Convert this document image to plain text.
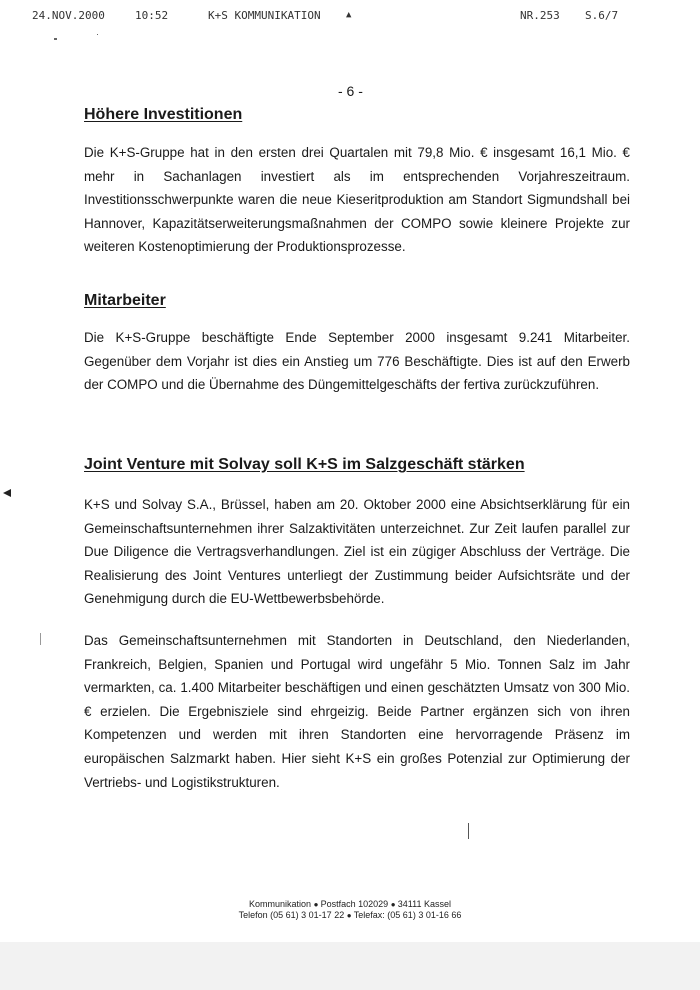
24.NOV.2000	10:52	K+S KOMMUNIKATION	▲	NR.253 S.6/7
- 6 -
Höhere Investitionen

Die K+S-Gruppe hat in den ersten drei Quartalen mit 79,8 Mio. € insgesamt 16,1 Mio. € mehr in Sachanlagen investiert als im entsprechenden Vorjahreszeitraum. Investitionsschwerpunkte waren die neue Kieseritproduktion am Standort Sigmundshall bei Hannover, Kapazitätserweiterungsmaßnahmen der COMPO sowie kleinere Projekte zur weiteren Kostenoptimierung der Produktionsprozesse.

Mitarbeiter

Die K+S-Gruppe beschäftigte Ende September 2000 insgesamt 9.241 Mitarbeiter. Gegenüber dem Vorjahr ist dies ein Anstieg um 776 Beschäftigte. Dies ist auf den Erwerb der COMPO und die Übernahme des Düngemittelgeschäfts der fertiva zurückzuführen.

Joint Venture mit Solvay soll K+S im Salzgeschäft stärken

K+S und Solvay S.A., Brüssel, haben am 20. Oktober 2000 eine Absichtserklärung für ein Gemeinschaftsunternehmen ihrer Salzaktivitäten unterzeichnet. Zur Zeit laufen parallel zur Due Diligence die Vertragsverhandlungen. Ziel ist ein zügiger Abschluss der Verträge. Die Realisierung des Joint Ventures unterliegt der Zustimmung beider Aufsichtsräte und der Genehmigung durch die EU-Wettbewerbsbehörde.

Das Gemeinschaftsunternehmen mit Standorten in Deutschland, den Niederlanden, Frankreich, Belgien, Spanien und Portugal wird ungefähr 5 Mio. Tonnen Salz im Jahr vermarkten, ca. 1.400 Mitarbeiter beschäftigen und einen geschätzten Umsatz von 300 Mio. € erzielen. Die Ergebnisziele sind ehrgeizig. Beide Partner ergänzen sich von ihren Kompetenzen und werden mit ihren Standorten eine hervorragende Präsenz im europäischen Salzmarkt haben. Hier sieht K+S ein großes Potenzial zur Optimierung der Vertriebs- und Logistikstrukturen.

Kommunikation ● Postfach 102029 ● 34111 Kassel
Telefon (05 61) 3 01-17 22 ● Telefax: (05 61) 3 01-16 66
